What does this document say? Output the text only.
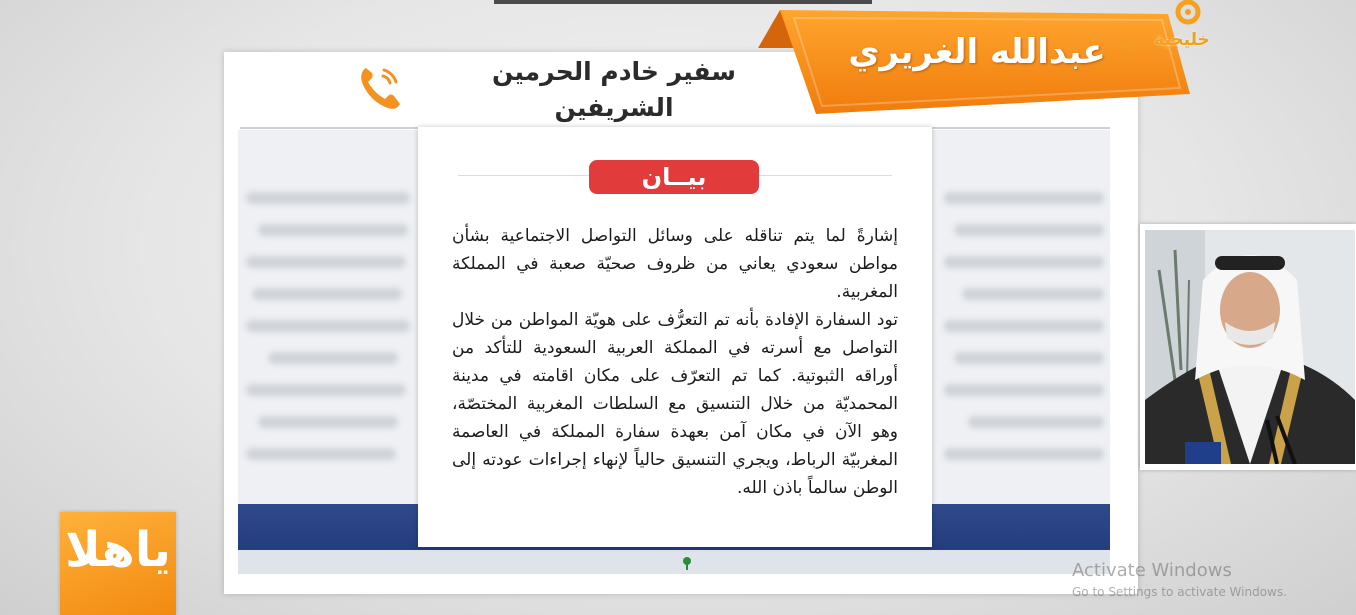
سفير خادم الحرمين الشريفين
بيــان

إشارةً لما يتم تناقله على وسائل التواصل الاجتماعية بشأن مواطن سعودي يعاني من ظروف صحيّة صعبة في المملكة المغربية.

تود السفارة الإفادة بأنه تم التعرُّف على هويّة المواطن من خلال التواصل مع أسرته في المملكة العربية السعودية للتأكد من أوراقه الثبوتية. كما تم التعرّف على مكان اقامته في مدينة المحمديّة من خلال التنسيق مع السلطات المغربية المختصّة، وهو الآن في مكان آمن بعهدة سفارة المملكة في العاصمة المغربيّة الرباط، ويجري التنسيق حالياً لإنهاء إجراءات عودته إلى الوطن سالماً باذن الله.

عبدالله الغريري	خليجية
HD
ياهلا	Activate Windows
Go to Settings to activate Windows.
